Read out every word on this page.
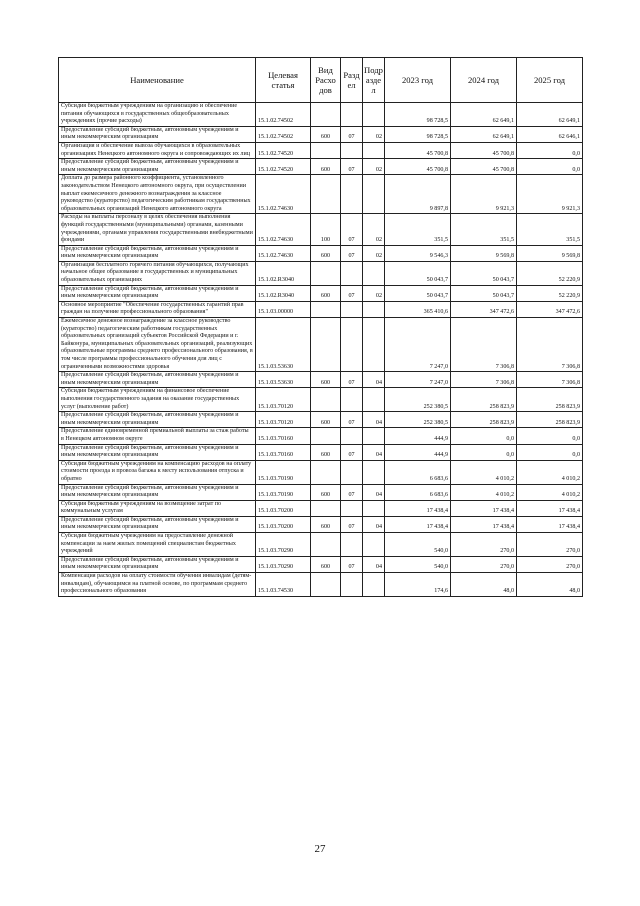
Наименование	Целевая статья	Вид Расхо дов	Разд ел	Подр азде л	2023 год	2024 год	2025 год
Субсидия бюджетным учреждениям на организацию и обеспечение питания обучающихся в государственных общеобразовательных учреждениях (прочие расходы)	15.1.02.74502				98 728,5	62 649,1	62 649,1
Предоставление субсидий бюджетным, автономным учреждениям и иным некоммерческим организациям	15.1.02.74502	600	07	02	98 728,5	62 649,1	62 646,1
Организация и обеспечение вывоза обучающихся в образовательных организациях Ненецкого автономного округа и сопровождающих их лиц	15.1.02.74520				45 700,8	45 700,8	0,0
Предоставление субсидий бюджетным, автономным учреждениям и иным некоммерческим организациям	15.1.02.74520	600	07	02	45 700,8	45 700,8	0,0
Доплата до размера районного коэффициента, установленного законодательством Ненецкого автономного округа, при осуществлении выплат ежемесячного денежного вознаграждения за классное руководство (кураторство) педагогическим работникам государственных образовательных организаций Ненецкого автономного округа	15.1.02.74630				9 897,8	9 921,3	9 921,3
Расходы на выплаты персоналу в целях обеспечения выполнения функций государственными (муниципальными) органами, казенными учреждениями, органами управления государственными внебюджетными фондами	15.1.02.74630	100	07	02	351,5	351,5	351,5
Предоставление субсидий бюджетным, автономным учреждениям и иным некоммерческим организациям	15.1.02.74630	600	07	02	9 546,3	9 569,8	9 569,8
Организация бесплатного горячего питания обучающихся, получающих начальное общее образование в государственных и муниципальных образовательных организациях	15.1.02.R3040				50 043,7	50 043,7	52 220,9
Предоставление субсидий бюджетным, автономным учреждениям и иным некоммерческим организациям	15.1.02.R3040	600	07	02	50 043,7	50 043,7	52 220,9
Основное мероприятие "Обеспечение государственных гарантий прав граждан на получение профессионального образования"	15.1.03.00000				365 410,6	347 472,6	347 472,6
Ежемесячное денежное вознаграждение за классное руководство (кураторство) педагогическим работникам государственных образовательных организаций субъектов Российской Федерации и г. Байконура, муниципальных образовательных организаций, реализующих образовательные программы среднего профессионального образования, в том числе программы профессионального обучения для лиц с ограниченными возможностями здоровья	15.1.03.53630				7 247,0	7 306,8	7 306,8
Предоставление субсидий бюджетным, автономным учреждениям и иным некоммерческим организациям	15.1.03.53630	600	07	04	7 247,0	7 306,8	7 306,8
Субсидия бюджетным учреждениям на финансовое обеспечение выполнения государственного задания на оказание государственных услуг (выполнение работ)	15.1.03.70120				252 380,5	258 823,9	258 823,9
Предоставление субсидий бюджетным, автономным учреждениям и иным некоммерческим организациям	15.1.03.70120	600	07	04	252 380,5	258 823,9	258 823,9
Предоставление единовременной премиальной выплаты за стаж работы в Ненецком автономном округе	15.1.03.70160				444,9	0,0	0,0
Предоставление субсидий бюджетным, автономным учреждениям и иным некоммерческим организациям	15.1.03.70160	600	07	04	444,9	0,0	0,0
Субсидии бюджетным учреждениям на компенсацию расходов на оплату стоимости проезда и провоза багажа к месту использования отпуска и обратно	15.1.03.70190				6 683,6	4 010,2	4 010,2
Предоставление субсидий бюджетным, автономным учреждениям и иным некоммерческим организациям	15.1.03.70190	600	07	04	6 683,6	4 010,2	4 010,2
Субсидия бюджетным учреждениям на возмещение затрат по коммунальным услугам	15.1.03.70200				17 438,4	17 438,4	17 438,4
Предоставление субсидий бюджетным, автономным учреждениям и иным некоммерческим организациям	15.1.03.70200	600	07	04	17 438,4	17 438,4	17 438,4
Субсидии бюджетным учреждениям на предоставление денежной компенсации за наем жилых помещений специалистам бюджетных учреждений	15.1.03.70290				540,0	270,0	270,0
Предоставление субсидий бюджетным, автономным учреждениям и иным некоммерческим организациям	15.1.03.70290	600	07	04	540,0	270,0	270,0
Компенсация расходов на оплату стоимости обучения инвалидам (детям-инвалидам), обучающимся на платной основе, по программам среднего профессионального образования	15.1.03.74530				174,6	48,0	48,0
27
